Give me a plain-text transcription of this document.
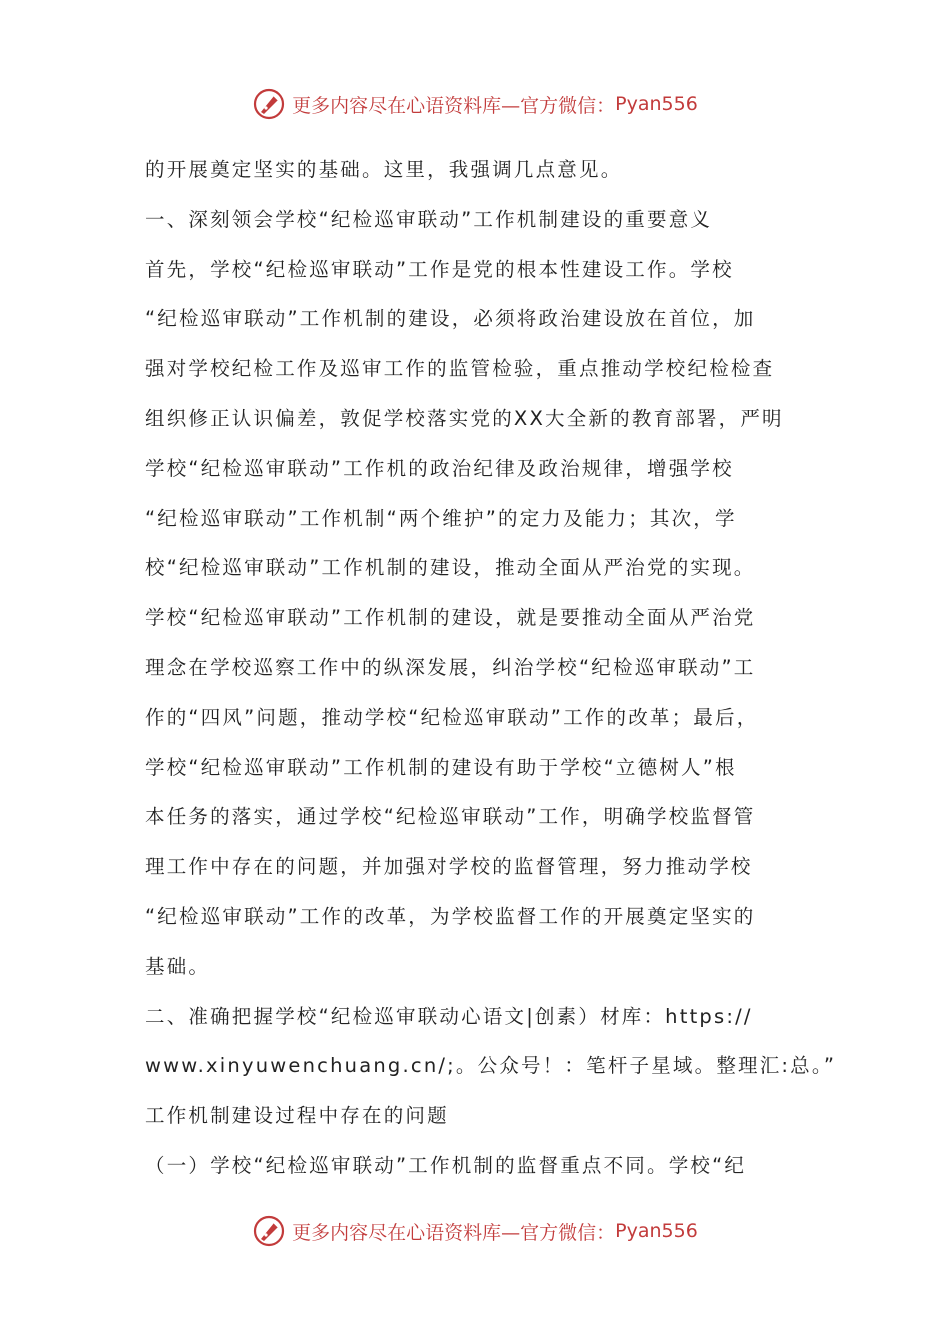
更多内容尽在心语资料库—官方微信： Pyan556
的开展奠定坚实的基础。这里，我强调几点意见。
一、深刻领会学校“纪检巡审联动”工作机制建设的重要意义
首先，学校“纪检巡审联动”工作是党的根本性建设工作。学校
“纪检巡审联动”工作机制的建设，必须将政治建设放在首位，加
强对学校纪检工作及巡审工作的监管检验，重点推动学校纪检检查
组织修正认识偏差，敦促学校落实党的XX大全新的教育部署，严明
学校“纪检巡审联动”工作机的政治纪律及政治规律，增强学校
“纪检巡审联动”工作机制“两个维护”的定力及能力；其次，学
校“纪检巡审联动”工作机制的建设，推动全面从严治党的实现。
学校“纪检巡审联动”工作机制的建设，就是要推动全面从严治党
理念在学校巡察工作中的纵深发展，纠治学校“纪检巡审联动”工
作的“四风”问题，推动学校“纪检巡审联动”工作的改革；最后，
学校“纪检巡审联动”工作机制的建设有助于学校“立德树人”根
本任务的落实，通过学校“纪检巡审联动”工作，明确学校监督管
理工作中存在的问题，并加强对学校的监督管理，努力推动学校
“纪检巡审联动”工作的改革，为学校监督工作的开展奠定坚实的
基础。
二、准确把握学校“纪检巡审联动心语文|创素）材库：https://
www.xinyuwenchuang.cn/;。公众号！：笔杆子星域。整理汇:总。”
工作机制建设过程中存在的问题
（一）学校“纪检巡审联动”工作机制的监督重点不同。学校“纪
更多内容尽在心语资料库—官方微信： Pyan556
